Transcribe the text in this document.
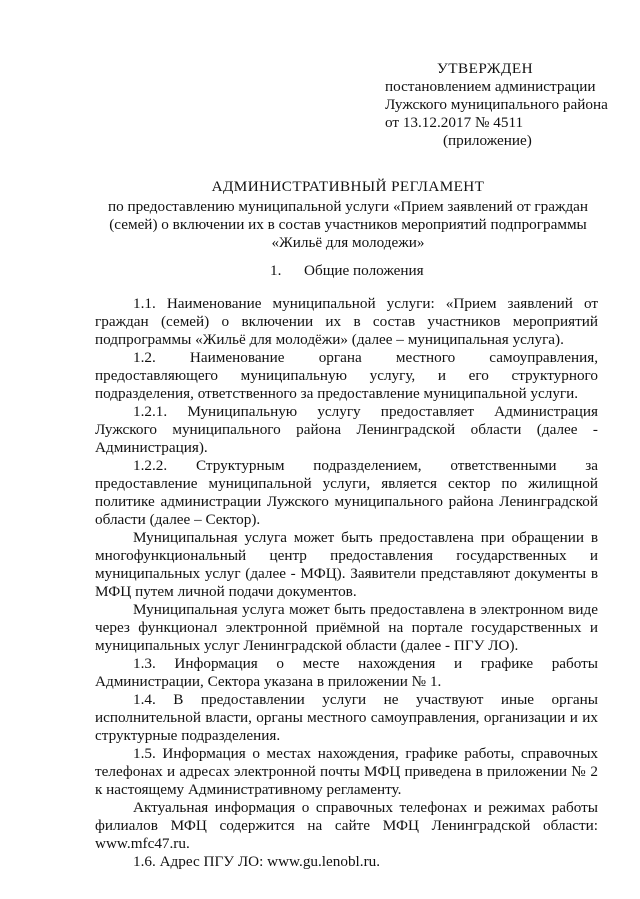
УТВЕРЖДЕН
постановлением администрации
Лужского муниципального района
от 13.12.2017 № 4511
(приложение)
АДМИНИСТРАТИВНЫЙ РЕГЛАМЕНТ
по предоставлению муниципальной услуги «Прием заявлений от граждан
(семей) о включении их в состав участников мероприятий подпрограммы
«Жильё для молодежи»
1. Общие положения

1.1. Наименование муниципальной услуги: «Прием заявлений от граждан (семей) о включении их в состав участников мероприятий подпрограммы «Жильё для молодёжи» (далее – муниципальная услуга).

1.2. Наименование органа местного самоуправления, предоставляющего муниципальную услугу, и его структурного подразделения, ответственного за предоставление муниципальной услуги.

1.2.1. Муниципальную услугу предоставляет Администрация Лужского муниципального района Ленинградской области (далее - Администрация).

1.2.2. Структурным подразделением, ответственными за предоставление муниципальной услуги, является сектор по жилищной политике администрации Лужского муниципального района Ленинградской области (далее – Сектор).

Муниципальная услуга может быть предоставлена при обращении в многофункциональный центр предоставления государственных и муниципальных услуг (далее - МФЦ). Заявители представляют документы в МФЦ путем личной подачи документов.

Муниципальная услуга может быть предоставлена в электронном виде через функционал электронной приёмной на портале государственных и муниципальных услуг Ленинградской области (далее - ПГУ ЛО).

1.3. Информация о месте нахождения и графике работы Администрации, Сектора указана в приложении № 1.

1.4. В предоставлении услуги не участвуют иные органы исполнительной власти, органы местного самоуправления, организации и их структурные подразделения.

1.5. Информация о местах нахождения, графике работы, справочных телефонах и адресах электронной почты МФЦ приведена в приложении № 2 к настоящему Административному регламенту.

Актуальная информация о справочных телефонах и режимах работы филиалов МФЦ содержится на сайте МФЦ Ленинградской области: www.mfc47.ru.

1.6. Адрес ПГУ ЛО: www.gu.lenobl.ru.
